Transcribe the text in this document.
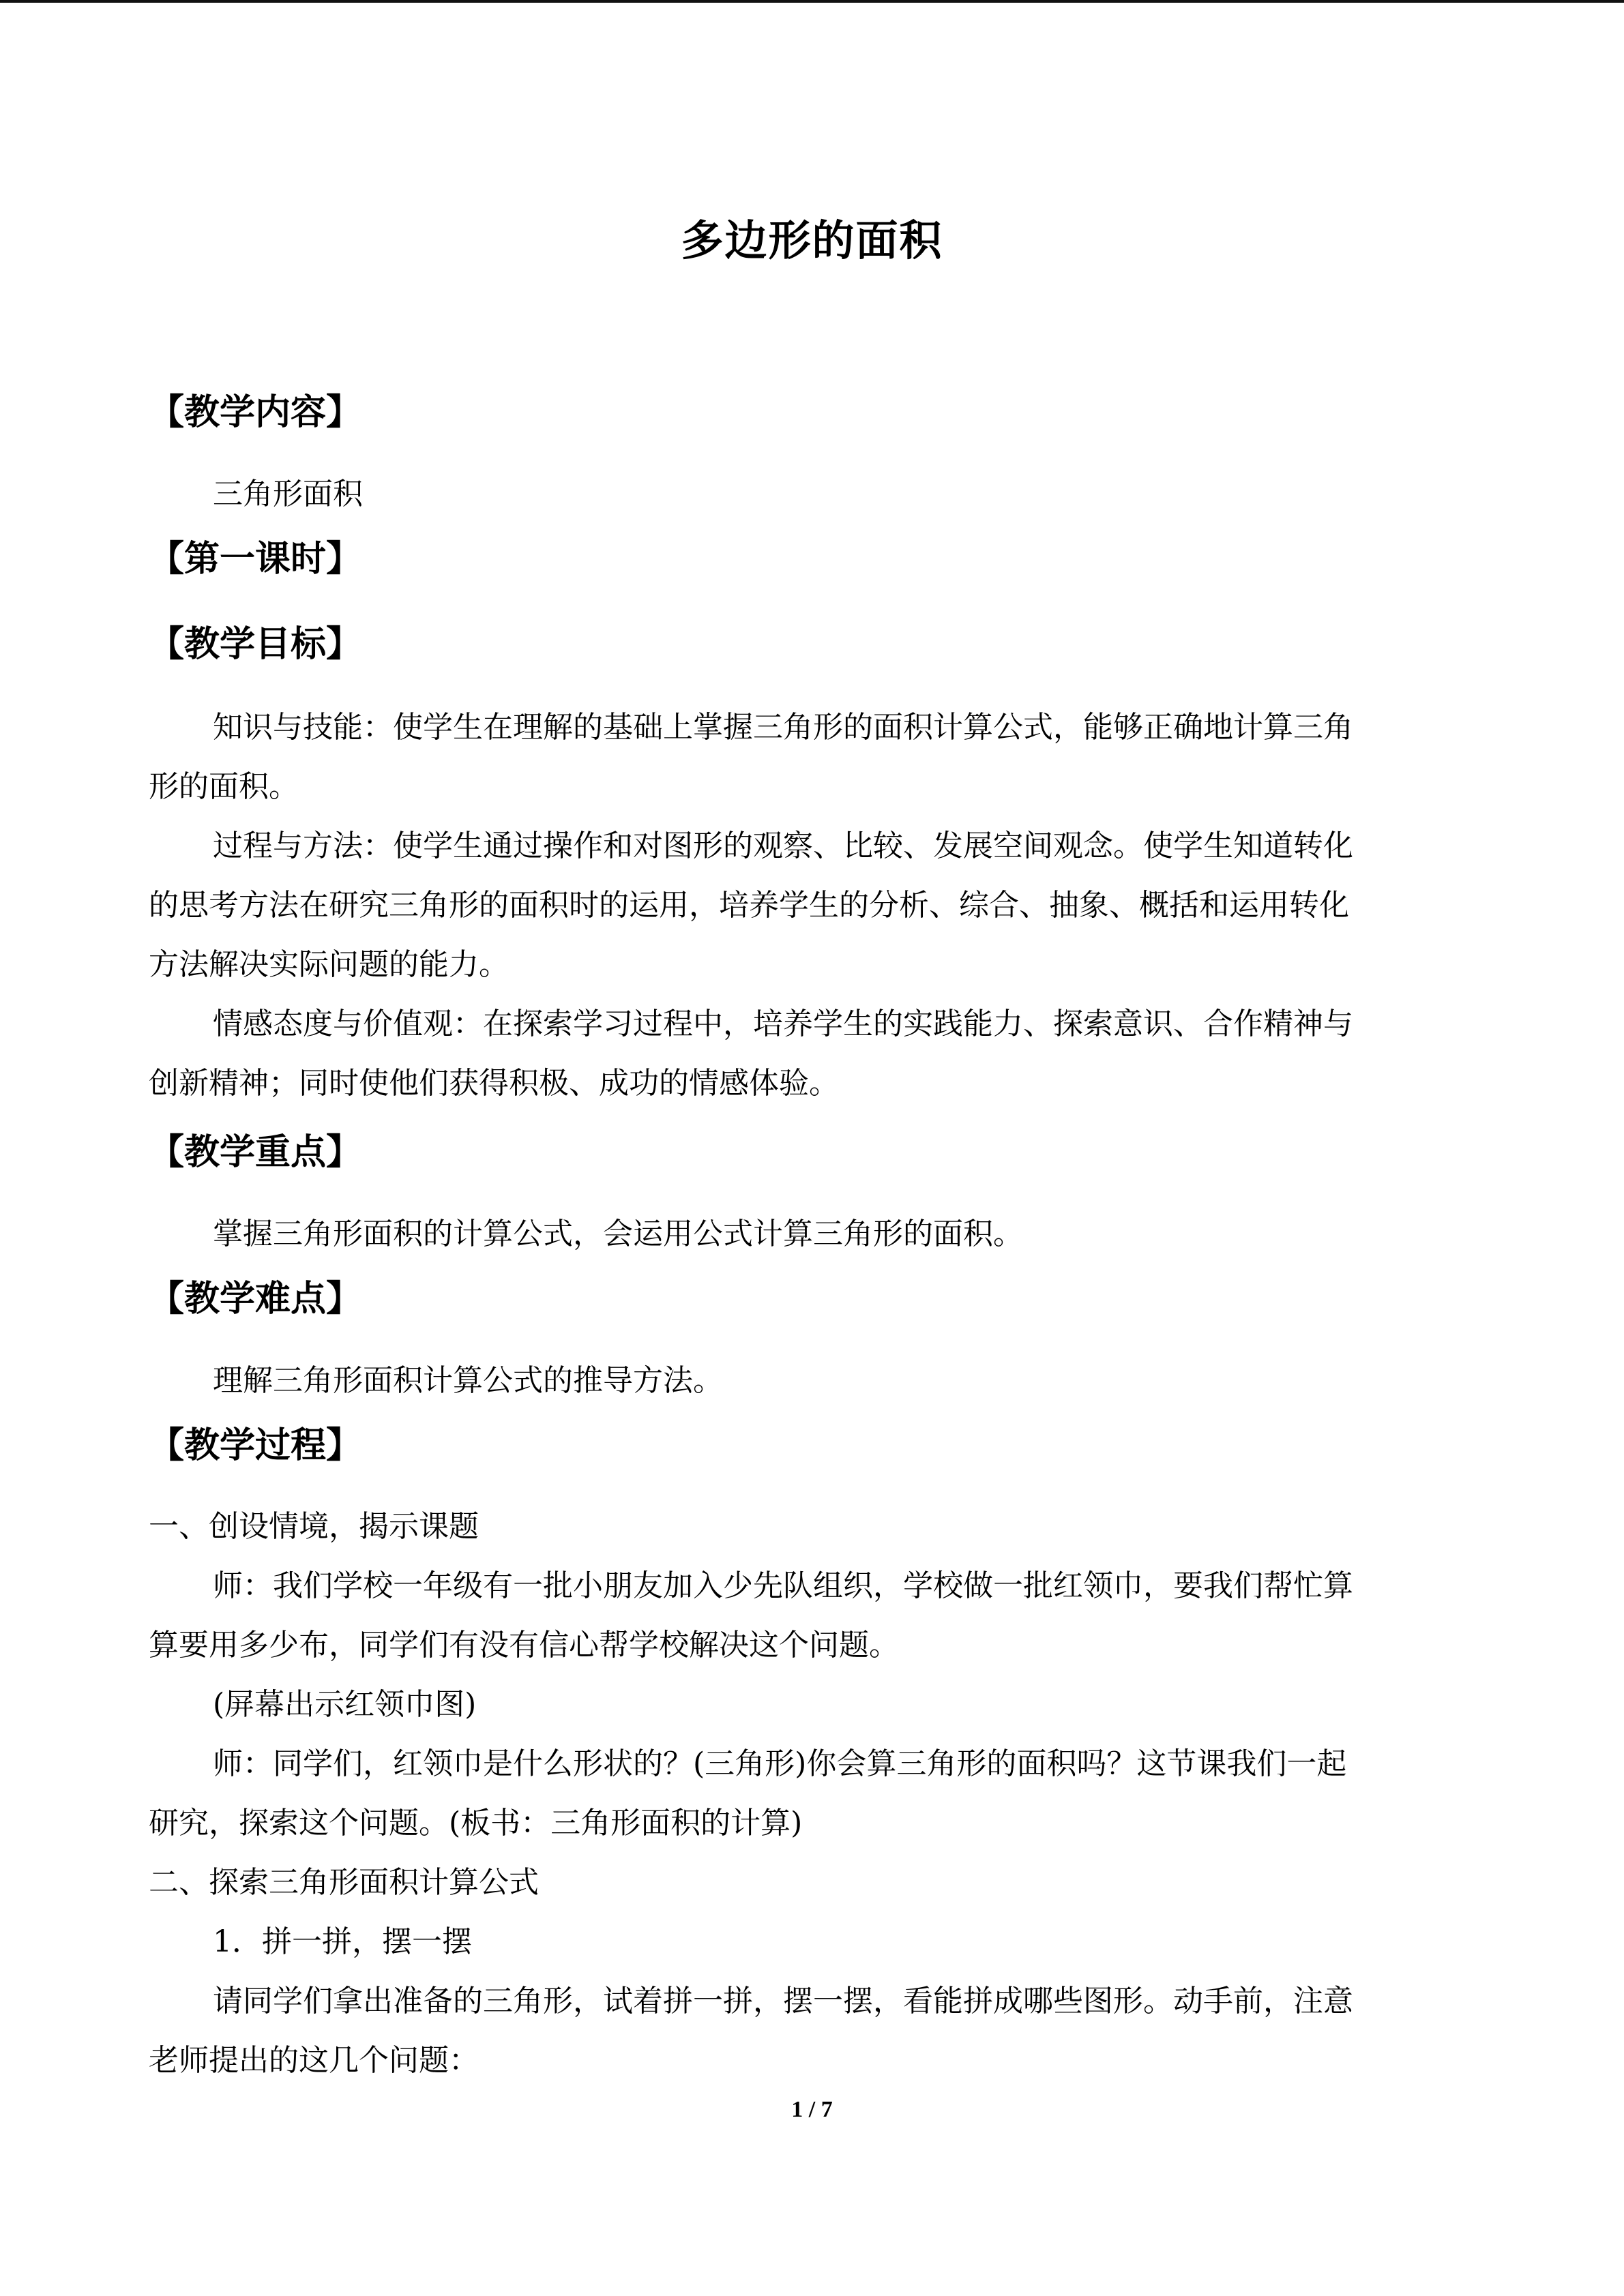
多边形的面积
【教学内容】
三角形面积
【第一课时】
【教学目标】
知识与技能：使学生在理解的基础上掌握三角形的面积计算公式，能够正确地计算三角
形的面积。
过程与方法：使学生通过操作和对图形的观察、比较、发展空间观念。使学生知道转化
的思考方法在研究三角形的面积时的运用，培养学生的分析、综合、抽象、概括和运用转化
方法解决实际问题的能力。
情感态度与价值观：在探索学习过程中，培养学生的实践能力、探索意识、合作精神与
创新精神；同时使他们获得积极、成功的情感体验。
【教学重点】
掌握三角形面积的计算公式，会运用公式计算三角形的面积。
【教学难点】
理解三角形面积计算公式的推导方法。
【教学过程】
一、创设情境，揭示课题
师：我们学校一年级有一批小朋友加入少先队组织，学校做一批红领巾，要我们帮忙算
算要用多少布，同学们有没有信心帮学校解决这个问题。
(屏幕出示红领巾图)
师：同学们，红领巾是什么形状的？(三角形)你会算三角形的面积吗？这节课我们一起
研究，探索这个问题。(板书：三角形面积的计算)
二、探索三角形面积计算公式
1．拼一拼，摆一摆
请同学们拿出准备的三角形，试着拼一拼，摆一摆，看能拼成哪些图形。动手前，注意
老师提出的这几个问题：
1 / 7
